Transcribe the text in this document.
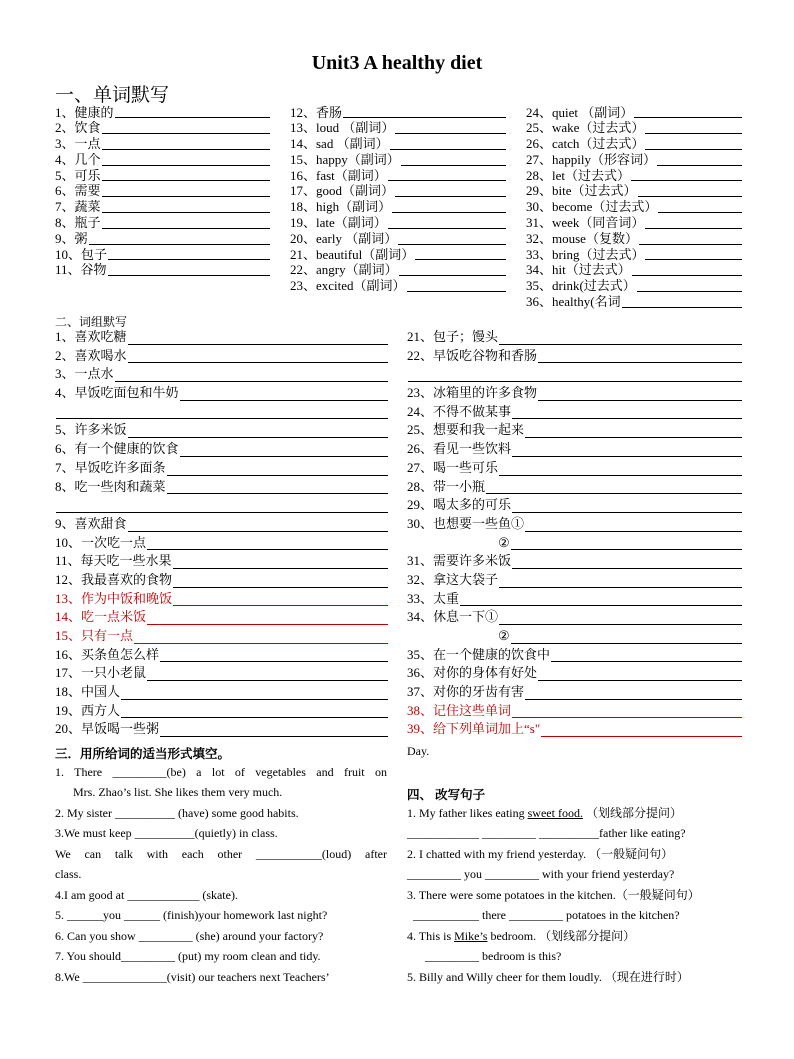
Unit3 A healthy diet
一、单词默写
1、健康的
2、饮食
3、一点
4、几个
5、可乐
6、需要
7、蔬菜
8、瓶子
9、粥
10、包子
11、谷物
12、香肠
13、loud （副词）
14、sad （副词）
15、happy（副词）
16、fast（副词）
17、good（副词）
18、high（副词）
19、late（副词）
20、early （副词）
21、beautiful（副词）
22、angry（副词）
23、excited（副词）
24、quiet （副词）
25、wake（过去式）
26、catch（过去式）
27、happily（形容词）
28、let（过去式）
29、bite（过去式）
30、become（过去式）
31、week（同音词）
32、mouse（复数）
33、bring（过去式）
34、hit（过去式）
35、drink(过去式）
36、healthy(名词
二、词组默写
1、喜欢吃糖
2、喜欢喝水
3、一点水
4、早饭吃面包和牛奶
5、许多米饭
6、有一个健康的饮食
7、早饭吃许多面条
8、吃一些肉和蔬菜
9、喜欢甜食
10、一次吃一点
11、每天吃一些水果
12、我最喜欢的食物
13、作为中饭和晚饭
14、吃一点米饭
15、只有一点
16、买条鱼怎么样
17、一只小老鼠
18、中国人
19、西方人
20、早饭喝一些粥
21、包子；馒头
22、早饭吃谷物和香肠
23、冰箱里的许多食物
24、不得不做某事
25、想要和我一起来
26、看见一些饮料
27、喝一些可乐
28、带一小瓶
29、喝太多的可乐
30、也想要一些鱼①
②
31、需要许多米饭
32、拿这大袋子
33、太重
34、休息一下①
②
35、在一个健康的饮食中
36、对你的身体有好处
37、对你的牙齿有害
38、记住这些单词
39、给下列单词加上“s"
三．用所给词的适当形式填空。	Day.
1. There _________(be) a lot of vegetables and fruit on
Mrs. Zhao’s list. She likes them very much.
2. My sister __________ (have) some good habits.
3.We must keep __________(quietly) in class.
We can talk with each other ___________(loud) after
class.
4.I am good at ____________ (skate).
5. ______you ______ (finish)your homework last night?
6. Can you show _________ (she) around your factory?
7. You should_________ (put) my room clean and tidy.
8.We ______________(visit) our teachers next Teachers’
四、 改写句子
1. My father likes eating sweet food. （划线部分提问）
____________ _________ __________father like eating?
2. I chatted with my friend yesterday. （一般疑问句）
_________ you _________ with your friend yesterday?
3. There were some potatoes in the kitchen.（一般疑问句）
___________ there _________ potatoes in the kitchen?
4. This is Mike’s bedroom. （划线部分提问）
_________ bedroom is this?
5. Billy and Willy cheer for them loudly. （现在进行时）
